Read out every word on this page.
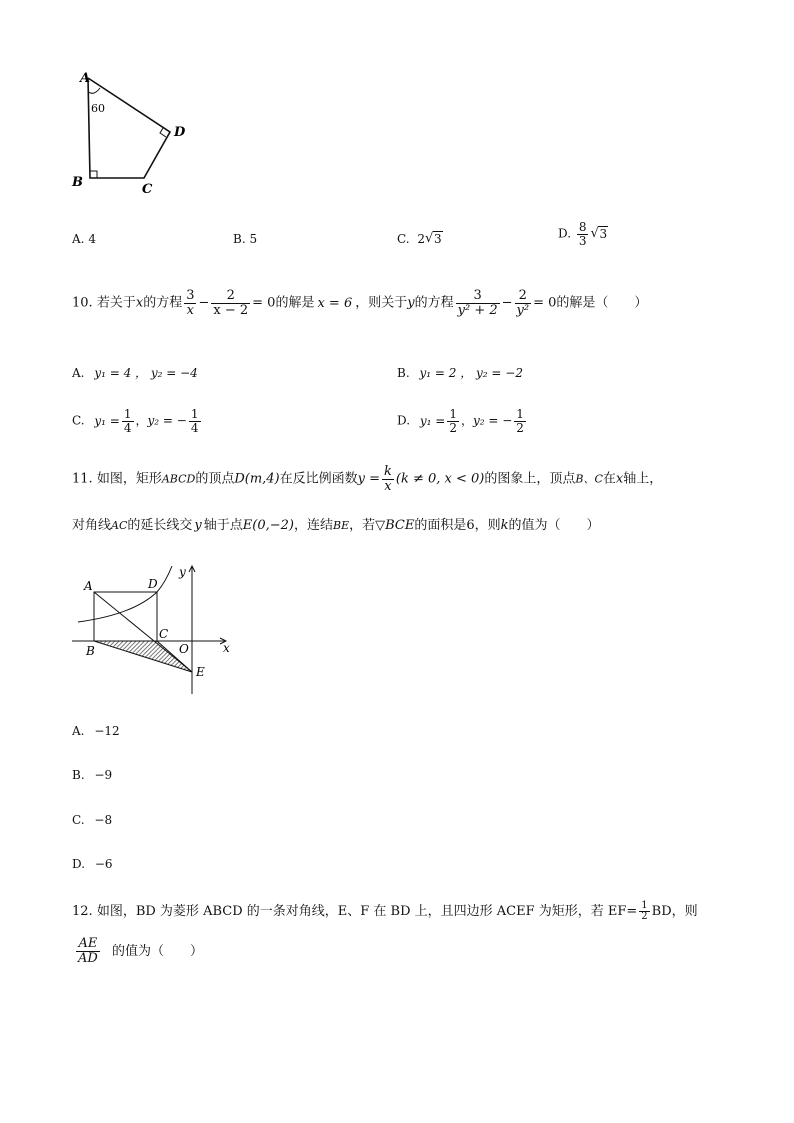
A
60
D
B	C
A. 4	B. 5	C. 2 √ 3	D. $\frac{8}{3}$ √ 3
10. 若关于x的方程 $\frac{3}{x} - \frac{2}{x - 2} = 0$的解是 x = 6 ，则关于y的方程 $\frac{3}{\text{y² + 2}} - \frac{2}{\text{y²}} = 0$的解是（　　）
A. y₁ = 4 ， y₂ = −4	B. y₁ = 2 ， y₂ = −2
C. $y_1 = \frac{1}{4}$ ，y₂ = − $\frac{1}{4}$	D. $y_1 = \frac{1}{2}$ ，y₂ = − $\frac{1}{2}$
11. 如图，矩形ABCD的顶点D(m,4)在反比例函数$y = \frac{k}{x} (k \ne 0$, x < 0)的图象上，顶点B、C在x轴上，
对角线AC的延长线交 y 轴于点E(0,−2)，连结BE，若▽BCE的面积是6，则k的值为（　　）
A	D
y
C
B	O	x
E
A. −12
B. −9
C. −8
D. −6
12. 如图，BD 为菱形 ABCD 的一条对角线，E、F 在 BD 上，且四边形 ACEF 为矩形，若 $EF= \frac{1}{2}$ BD，则
$\frac{AE}{AD}$ 的值为（　　）
